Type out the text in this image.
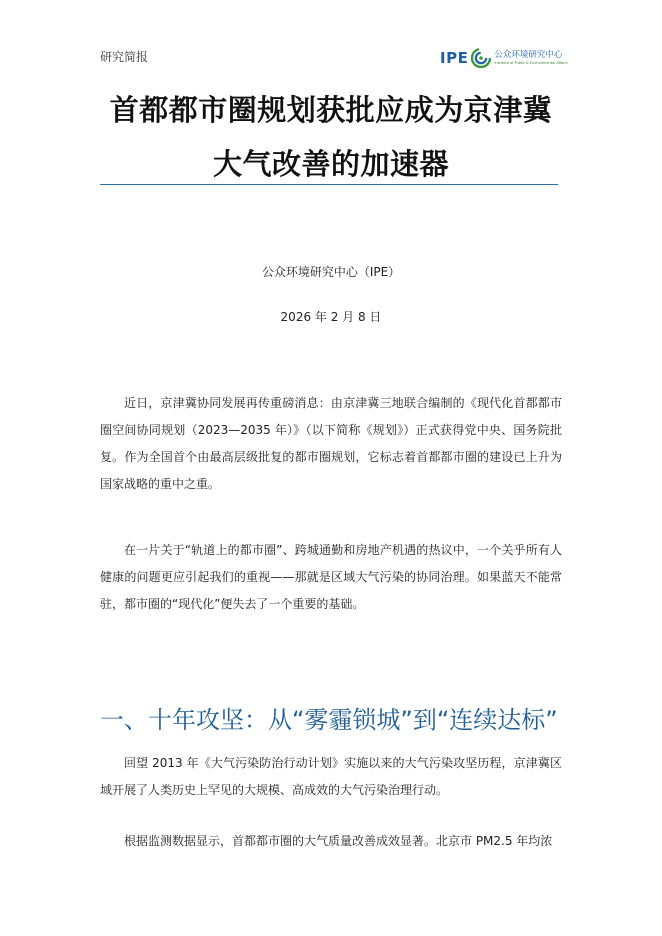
研究简报	IPE	公众环境研究中心
Institute of Public & Environmental Affairs
首都都市圈规划获批应成为京津冀
大气改善的加速器
公众环境研究中心（IPE）
2026 年 2 月 8 日

近日，京津冀协同发展再传重磅消息：由京津冀三地联合编制的《现代化首都都市圈空间协同规划（2023—2035 年）》（以下简称《规划》）正式获得党中央、国务院批复。作为全国首个由最高层级批复的都市圈规划，它标志着首都都市圈的建设已上升为国家战略的重中之重。

在一片关于“轨道上的都市圈”、跨城通勤和房地产机遇的热议中，一个关乎所有人健康的问题更应引起我们的重视——那就是区域大气污染的协同治理。如果蓝天不能常驻，都市圈的“现代化”便失去了一个重要的基础。

一、十年攻坚：从“雾霾锁城”到“连续达标”

回望 2013 年《大气污染防治行动计划》实施以来的大气污染攻坚历程，京津冀区域开展了人类历史上罕见的大规模、高成效的大气污染治理行动。

根据监测数据显示，首都都市圈的大气质量改善成效显著。北京市 PM2.5 年均浓
